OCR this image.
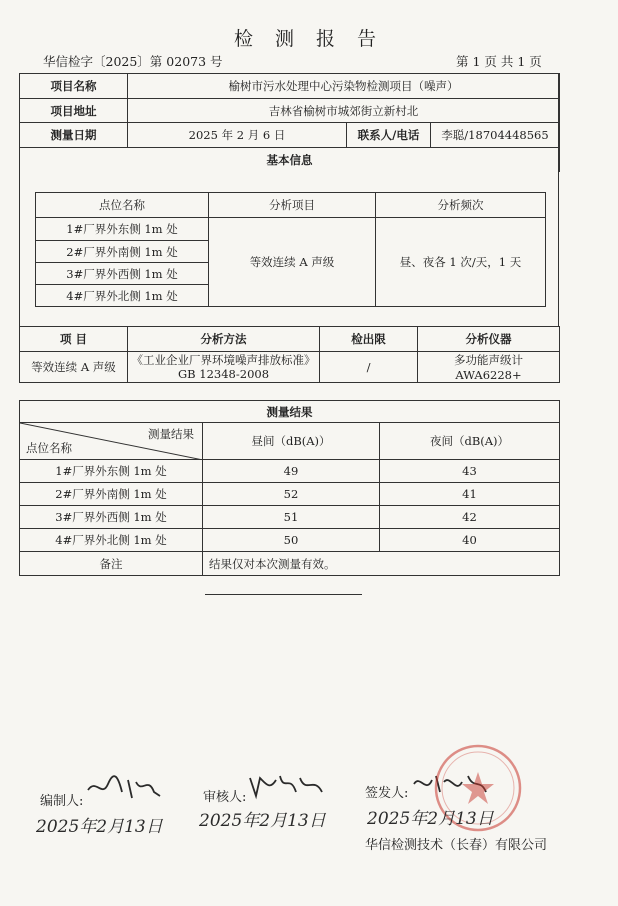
检 测 报 告
华信检字〔2025〕第 02073 号	第 1 页 共 1 页
项目名称	榆树市污水处理中心污染物检测项目（噪声）		
项目地址	吉林省榆树市城郊街立新村北		
测量日期	2025 年 2 月 6 日	联系人/电话	李聪/18704448565
基本信息			
点位名称	分析项目	分析频次
1#厂界外东侧 1m 处	等效连续 A 声级	昼、夜各 1 次/天，1 天
2#厂界外南侧 1m 处		
3#厂界外西侧 1m 处		
4#厂界外北侧 1m 处		
项 目	分析方法	检出限	分析仪器
等效连续 A 声级	《工业企业厂界环境噪声排放标准》
GB 12348-2008	/	多功能声级计 AWA6228+
测量结果		

测量结果
点位名称	昼间（dB(A)）	夜间（dB(A)）
1#厂界外东侧 1m 处	49	43
2#厂界外南侧 1m 处	52	41
3#厂界外西侧 1m 处	51	42
4#厂界外北侧 1m 处	50	40
备注	结果仅对本次测量有效。	
编制人:
2025年2月13日
审核人:
2025年2月13日
签发人:
2025年2月13日
华信检测技术（长春）有限公司
